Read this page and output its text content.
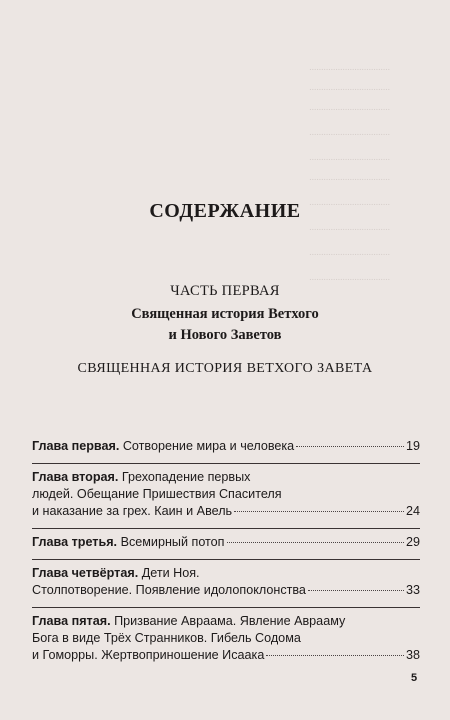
..................................
..................................
..................................
..................................
..................................
..................................
..................................
..................................
..................................
..................................
СОДЕРЖАНИЕ
ЧАСТЬ ПЕРВАЯ
Священная история Ветхого
и Нового Заветов
СВЯЩЕННАЯ ИСТОРИЯ ВЕТХОГО ЗАВЕТА
Глава первая.
Сотворение мира и человека	19
Глава вторая.
Грехопадение первых
людей. Обещание Пришествия Спасителя
и наказание за грех. Каин и Авель	24
Глава третья.
Всемирный потоп	29
Глава четвёртая.
Дети Ноя.
Столпотворение. Появление идолопоклонства	33
Глава пятая.
Призвание Авраама. Явление Аврааму
Бога в виде Трёх Странников. Гибель Содома
и Гоморры. Жертвоприношение Исаака	38
5
